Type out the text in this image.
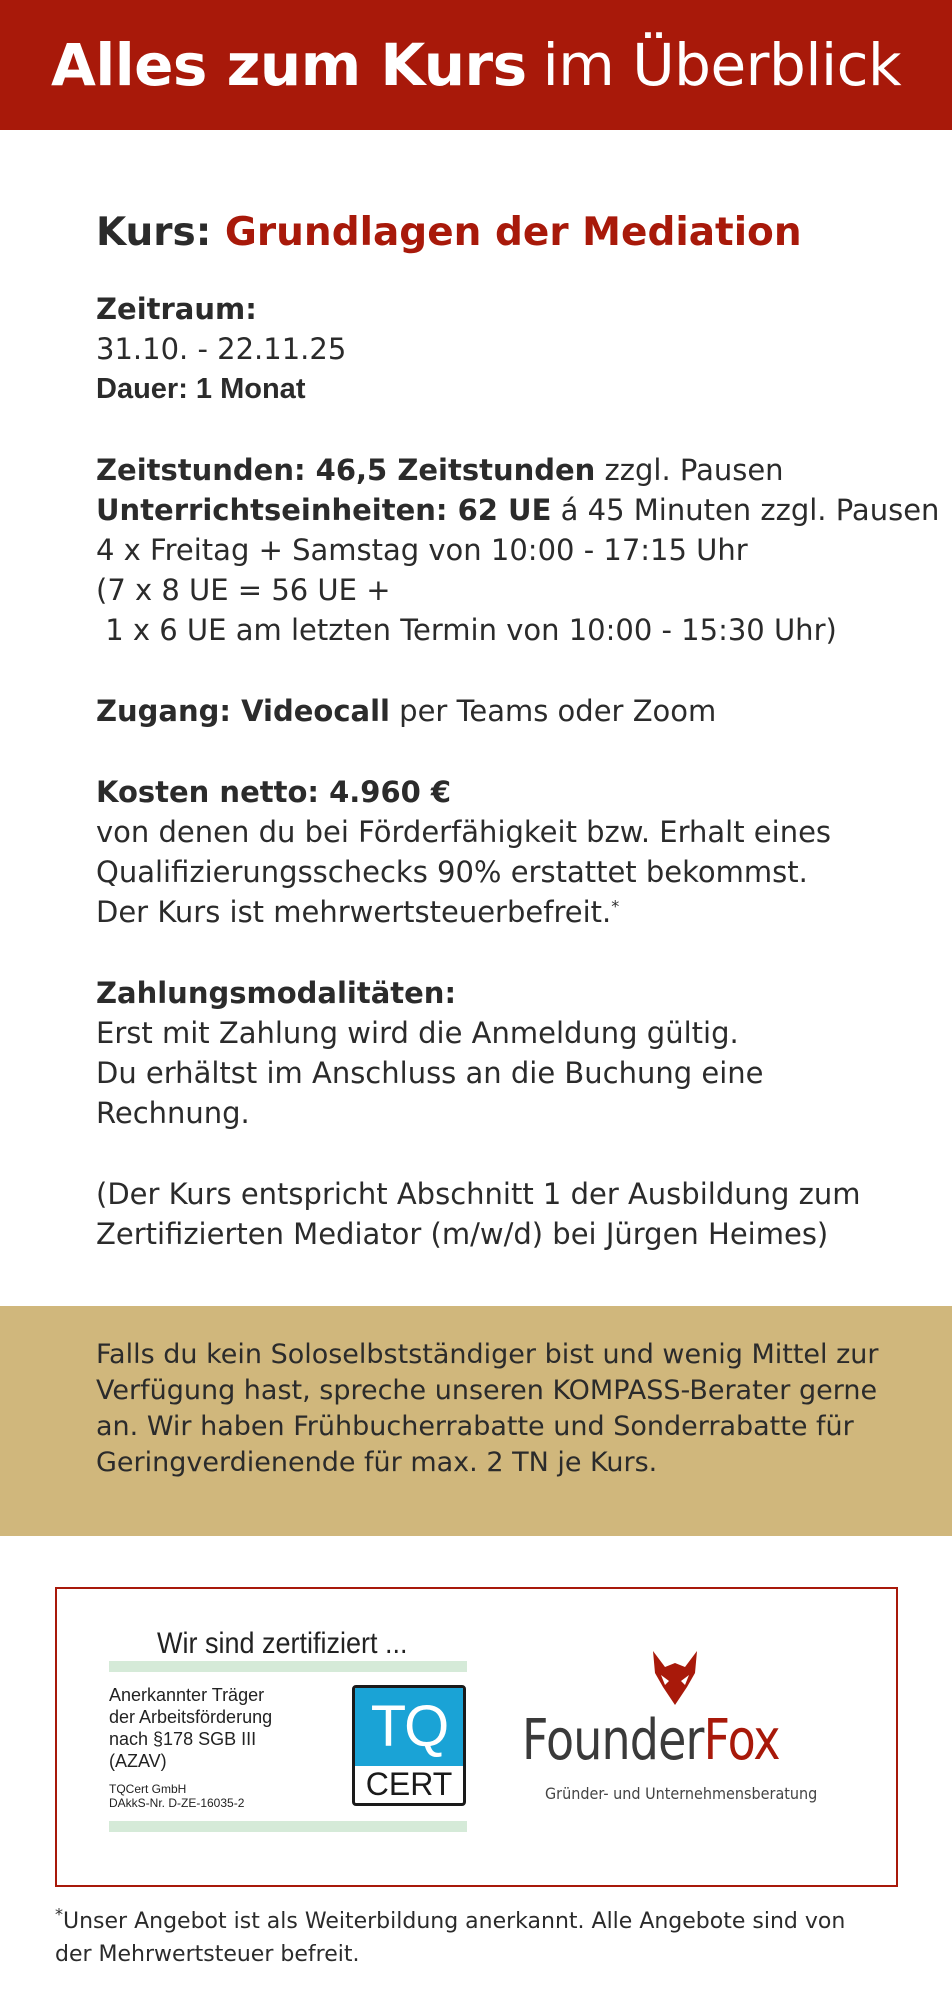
Alles zum Kurs im Überblick
Kurs: Grundlagen der Mediation
Zeitraum:
31.10. - 22.11.25
Dauer: 1 Monat
Zeitstunden: 46,5 Zeitstunden zzgl. Pausen
Unterrichtseinheiten: 62 UE á 45 Minuten zzgl. Pausen
4 x Freitag + Samstag von 10:00 - 17:15 Uhr
(7 x 8 UE = 56 UE +
1 x 6 UE am letzten Termin von 10:00 - 15:30 Uhr)
Zugang: Videocall per Teams oder Zoom
Kosten netto: 4.960 €
von denen du bei Förderfähigkeit bzw. Erhalt eines
Qualifizierungsschecks 90% erstattet bekommst.
Der Kurs ist mehrwertsteuerbefreit.*
Zahlungsmodalitäten:
Erst mit Zahlung wird die Anmeldung gültig.
Du erhältst im Anschluss an die Buchung eine
Rechnung.
(Der Kurs entspricht Abschnitt 1 der Ausbildung zum
Zertifizierten Mediator (m/w/d) bei Jürgen Heimes)
Falls du kein Soloselbstständiger bist und wenig Mittel zur
Verfügung hast, spreche unseren KOMPASS-Berater gerne
an. Wir haben Frühbucherrabatte und Sonderrabatte für
Geringverdienende für max. 2 TN je Kurs.
Wir sind zertifiziert ...
Anerkannter Träger
der Arbeitsförderung
nach §178 SGB III
(AZAV)
TQCert GmbH
DAkkS-Nr. D-ZE-16035-2
TQ
CERT
FounderFox
Gründer- und Unternehmensberatung
*Unser Angebot ist als Weiterbildung anerkannt. Alle Angebote sind von
der Mehrwertsteuer befreit.
